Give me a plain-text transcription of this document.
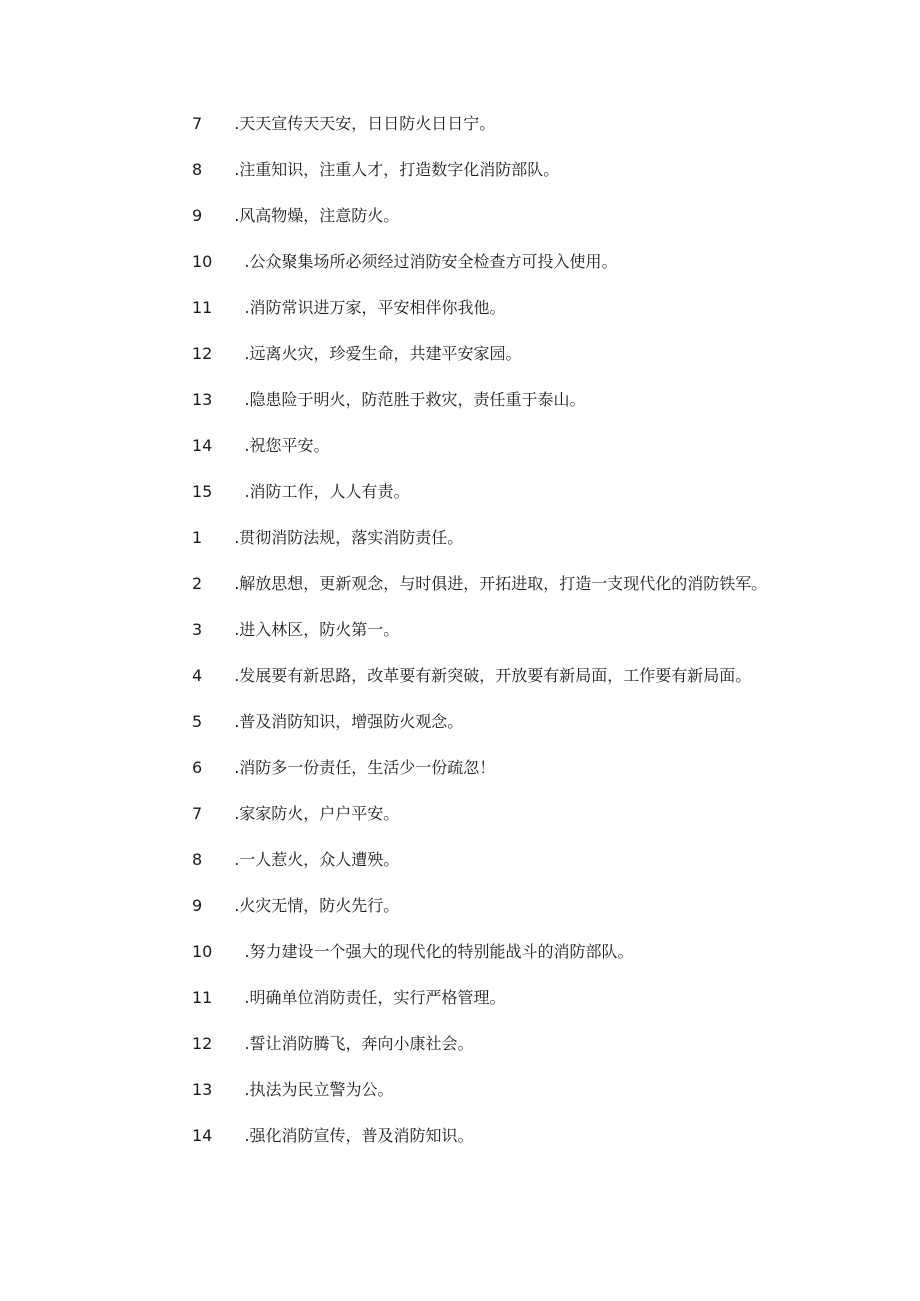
7 .天天宣传天天安，日日防火日日宁。

8 .注重知识，注重人才，打造数字化消防部队。

9 .风高物燥，注意防火。

10 .公众聚集场所必须经过消防安全检查方可投入使用。

11 .消防常识进万家，平安相伴你我他。

12 .远离火灾，珍爱生命，共建平安家园。

13 .隐患险于明火，防范胜于救灾，责任重于泰山。

14 .祝您平安。

15 .消防工作，人人有责。

1 .贯彻消防法规，落实消防责任。

2 .解放思想，更新观念，与时俱进，开拓进取，打造一支现代化的消防铁军。

3 .进入林区，防火第一。

4 .发展要有新思路，改革要有新突破，开放要有新局面，工作要有新局面。

5 .普及消防知识，增强防火观念。

6 .消防多一份责任，生活少一份疏忽！

7 .家家防火，户户平安。

8 .一人惹火，众人遭殃。

9 .火灾无情，防火先行。

10 .努力建设一个强大的现代化的特别能战斗的消防部队。

11 .明确单位消防责任，实行严格管理。

12 .誓让消防腾飞，奔向小康社会。

13 .执法为民立警为公。

14 .强化消防宣传，普及消防知识。
